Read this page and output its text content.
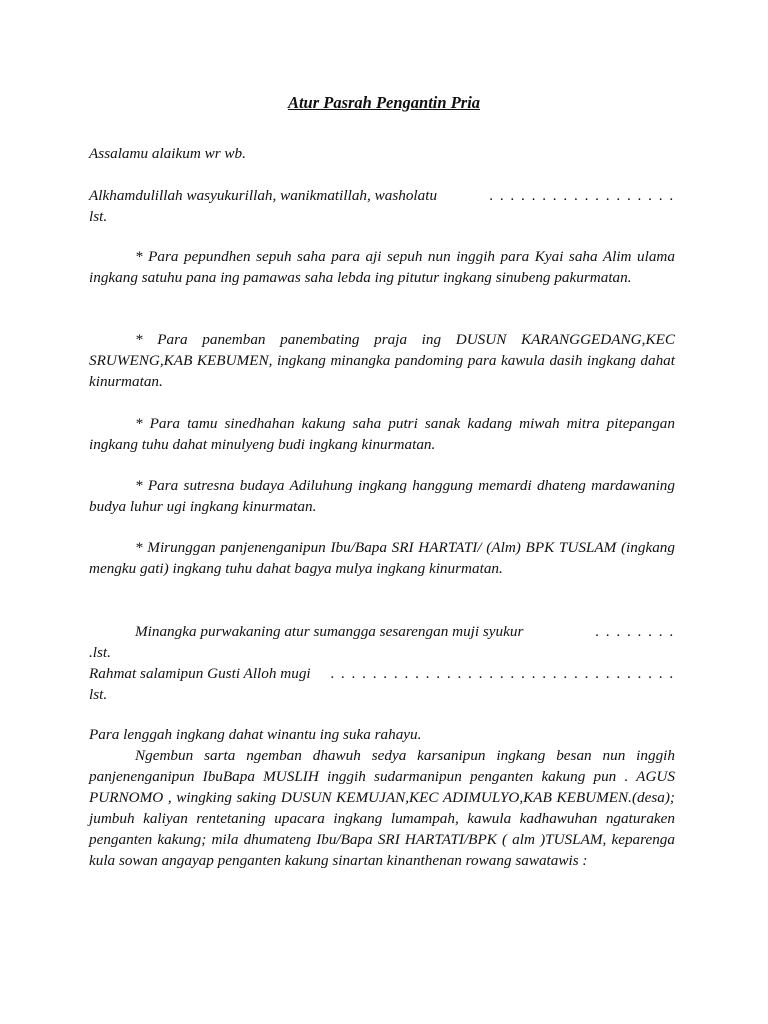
Atur Pasrah Pengantin Pria
Assalamu alaikum wr wb.
Alkhamdulillah wasyukurillah, wanikmatillah, washolatu	. . . . . . . . . . . . . . . . . .
lst.
* Para pepundhen sepuh saha para aji sepuh nun inggih para Kyai saha Alim ulama ingkang satuhu pana ing pamawas saha lebda ing pitutur ingkang sinubeng pakurmatan.
* Para panemban panembating praja ing DUSUN KARANGGEDANG,KEC SRUWENG,KAB KEBUMEN, ingkang minangka pandoming para kawula dasih ingkang dahat kinurmatan.
* Para tamu sinedhahan kakung saha putri sanak kadang miwah mitra pitepangan ingkang tuhu dahat minulyeng budi ingkang kinurmatan.
* Para sutresna budaya Adiluhung ingkang hanggung memardi dhateng mardawaning budya luhur ugi ingkang kinurmatan.
* Mirunggan panjenenganipun Ibu/Bapa SRI HARTATI/ (Alm) BPK TUSLAM (ingkang mengku gati) ingkang tuhu dahat bagya mulya ingkang kinurmatan.
Minangka purwakaning atur sumangga sesarengan muji syukur	. . . . . . . .
.lst.
Rahmat salamipun Gusti Alloh mugi . . . . . . . . . . . . . . . . . . . . . . . . . . . . . . . . .
lst.
Para lenggah ingkang dahat winantu ing suka rahayu.
Ngembun sarta ngemban dhawuh sedya karsanipun ingkang besan nun inggih panjenenganipun IbuBapa MUSLIH inggih sudarmanipun penganten kakung pun . AGUS PURNOMO , wingking saking DUSUN KEMUJAN,KEC ADIMULYO,KAB KEBUMEN.(desa); jumbuh kaliyan rentetaning upacara ingkang lumampah, kawula kadhawuhan ngaturaken penganten kakung; mila dhumateng Ibu/Bapa SRI HARTATI/BPK ( alm )TUSLAM, keparenga kula sowan angayap penganten kakung sinartan kinanthenan rowang sawatawis :
